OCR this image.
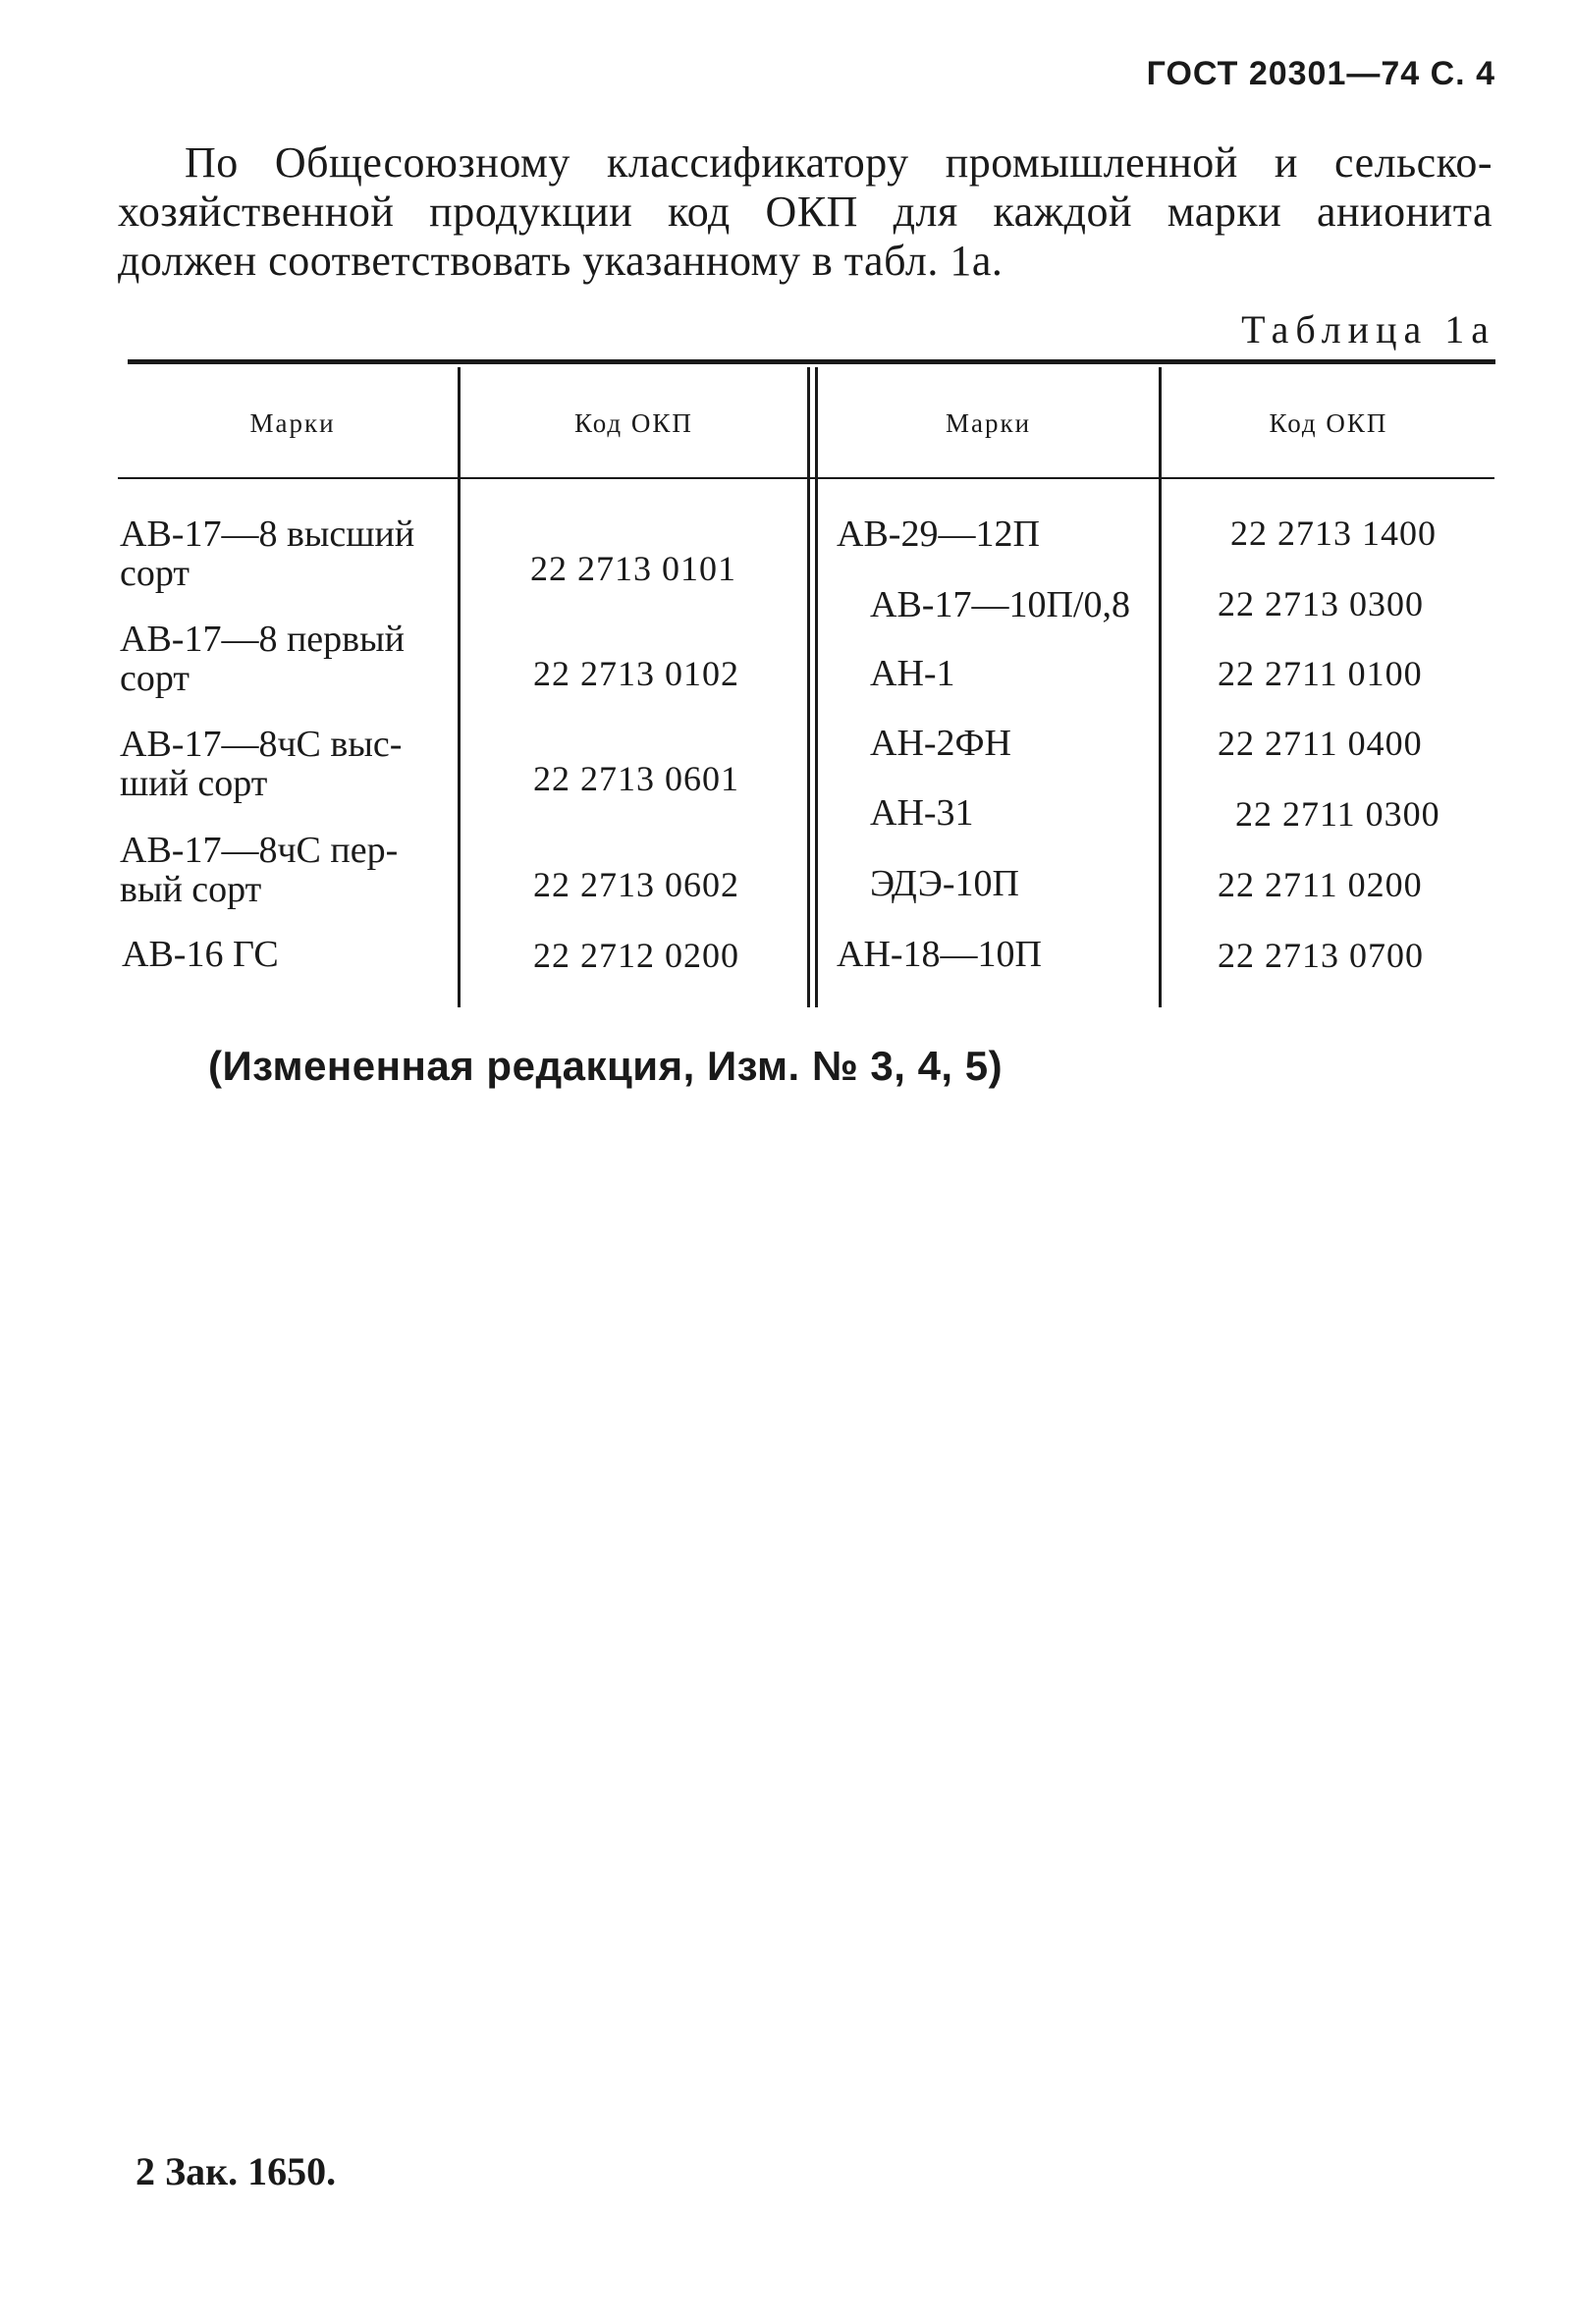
ГОСТ 20301—74 С. 4
По Общесоюзному классификатору промышленной и сельско-
хозяйственной продукции код ОКП для каждой марки анионита
должен соответствовать указанному в табл. 1а.
Таблица 1а
Марки	Код ОКП	Марки	Код ОКП
АВ-17—8 высший
сорт	22 2713 0101
АВ-17—8 первый
сорт	22 2713 0102
АВ-17—8чС выс-
ший сорт	22 2713 0601
АВ-17—8чС пер-
вый сорт	22 2713 0602
АВ-16 ГС	22 2712 0200
АВ-29—12П	22 2713 1400
АВ-17—10П/0,8 22 2713 0300
АН-1	22 2711 0100
АН-2ФН	22 2711 0400
АН-31	22 2711 0300
ЭДЭ-10П	22 2711 0200
АН-18—10П	22 2713 0700
(Измененная редакция, Изм. № 3, 4, 5)
2 Зак. 1650.
